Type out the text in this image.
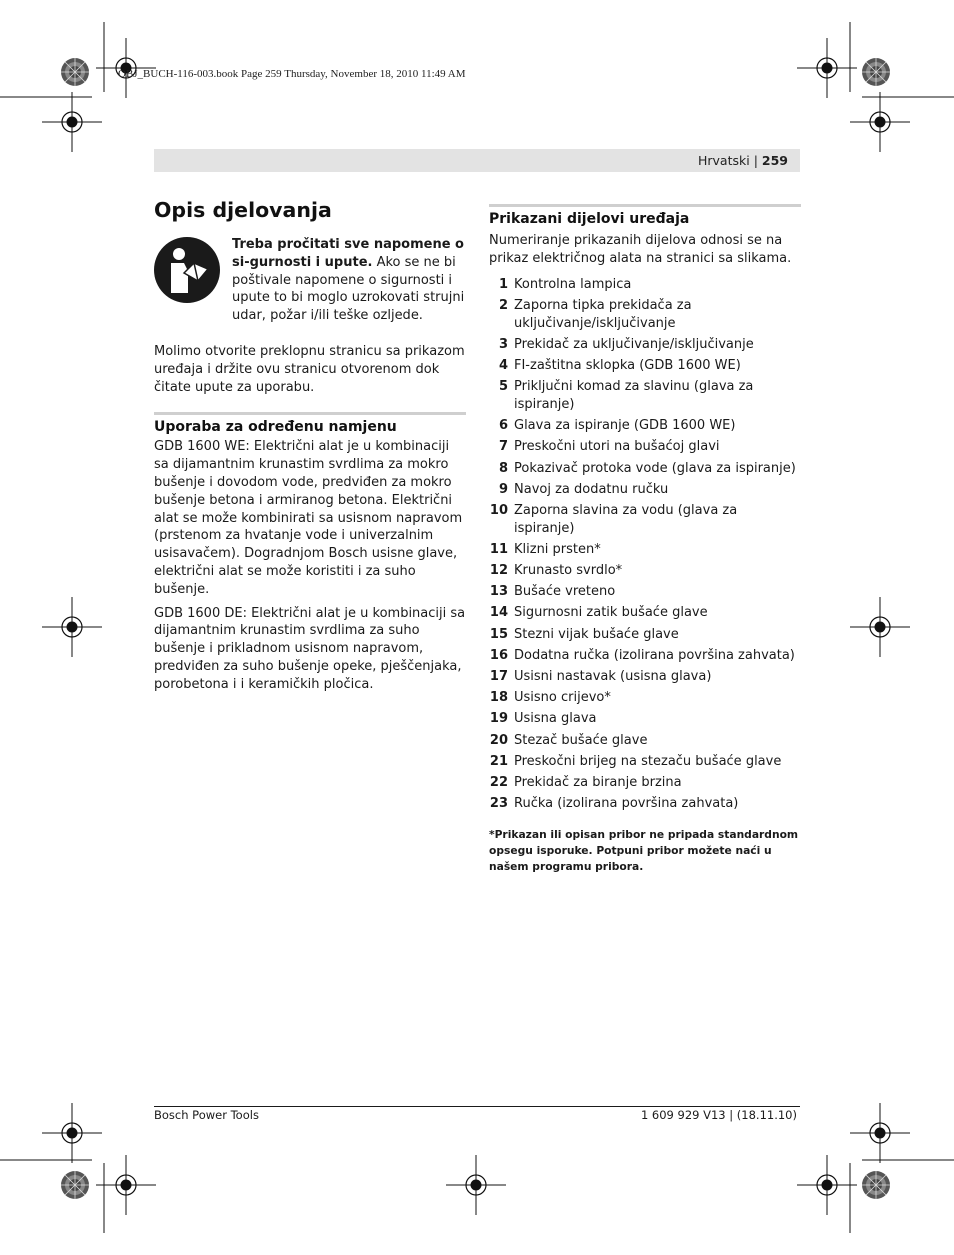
OBJ_BUCH-116-003.book Page 259 Thursday, November 18, 2010 11:49 AM
Hrvatski | 259
Opis djelovanja
Treba pročitati sve napomene o si-gurnosti i upute. Ako se ne bi poštivale napomene o sigurnosti i upute to bi moglo uzrokovati strujni udar, požar i/ili teške ozljede.

Molimo otvorite preklopnu stranicu sa prikazom uređaja i držite ovu stranicu otvorenom dok čitate upute za uporabu.

Uporaba za određenu namjenu

GDB 1600 WE: Električni alat je u kombinaciji sa dijamantnim krunastim svrdlima za mokro bušenje i dovodom vode, predviđen za mokro bušenje betona i armiranog betona. Električni alat se može kombinirati sa usisnom napravom (prstenom za hvatanje vode i univerzalnim usisavačem). Dogradnjom Bosch usisne glave, električni alat se može koristiti i za suho bušenje.

GDB 1600 DE: Električni alat je u kombinaciji sa dijamantnim krunastim svrdlima za suho bušenje i prikladnom usisnom napravom, predviđen za suho bušenje opeke, pješčenjaka, porobetona i i keramičkih pločica.

Prikazani dijelovi uređaja

Numeriranje prikazanih dijelova odnosi se na prikaz električnog alata na stranici sa slikama.

1 Kontrolna lampica
2 Zaporna tipka prekidača za uključivanje/isključivanje
3 Prekidač za uključivanje/isključivanje
4 FI-zaštitna sklopka (GDB 1600 WE)
5 Priključni komad za slavinu (glava za ispiranje)
6 Glava za ispiranje (GDB 1600 WE)
7 Preskočni utori na bušaćoj glavi
8 Pokazivač protoka vode (glava za ispiranje)
9 Navoj za dodatnu ručku
10 Zaporna slavina za vodu (glava za ispiranje)
11 Klizni prsten*
12 Krunasto svrdlo*
13 Bušaće vreteno
14 Sigurnosni zatik bušaće glave
15 Stezni vijak bušaće glave
16 Dodatna ručka (izolirana površina zahvata)
17 Usisni nastavak (usisna glava)
18 Usisno crijevo*
19 Usisna glava
20 Stezač bušaće glave
21 Preskočni brijeg na stezaču bušaće glave
22 Prekidač za biranje brzina
23 Ručka (izolirana površina zahvata)
*Prikazan ili opisan pribor ne pripada standardnom opsegu isporuke. Potpuni pribor možete naći u našem programu pribora.
Bosch Power Tools	1 609 929 V13 | (18.11.10)
